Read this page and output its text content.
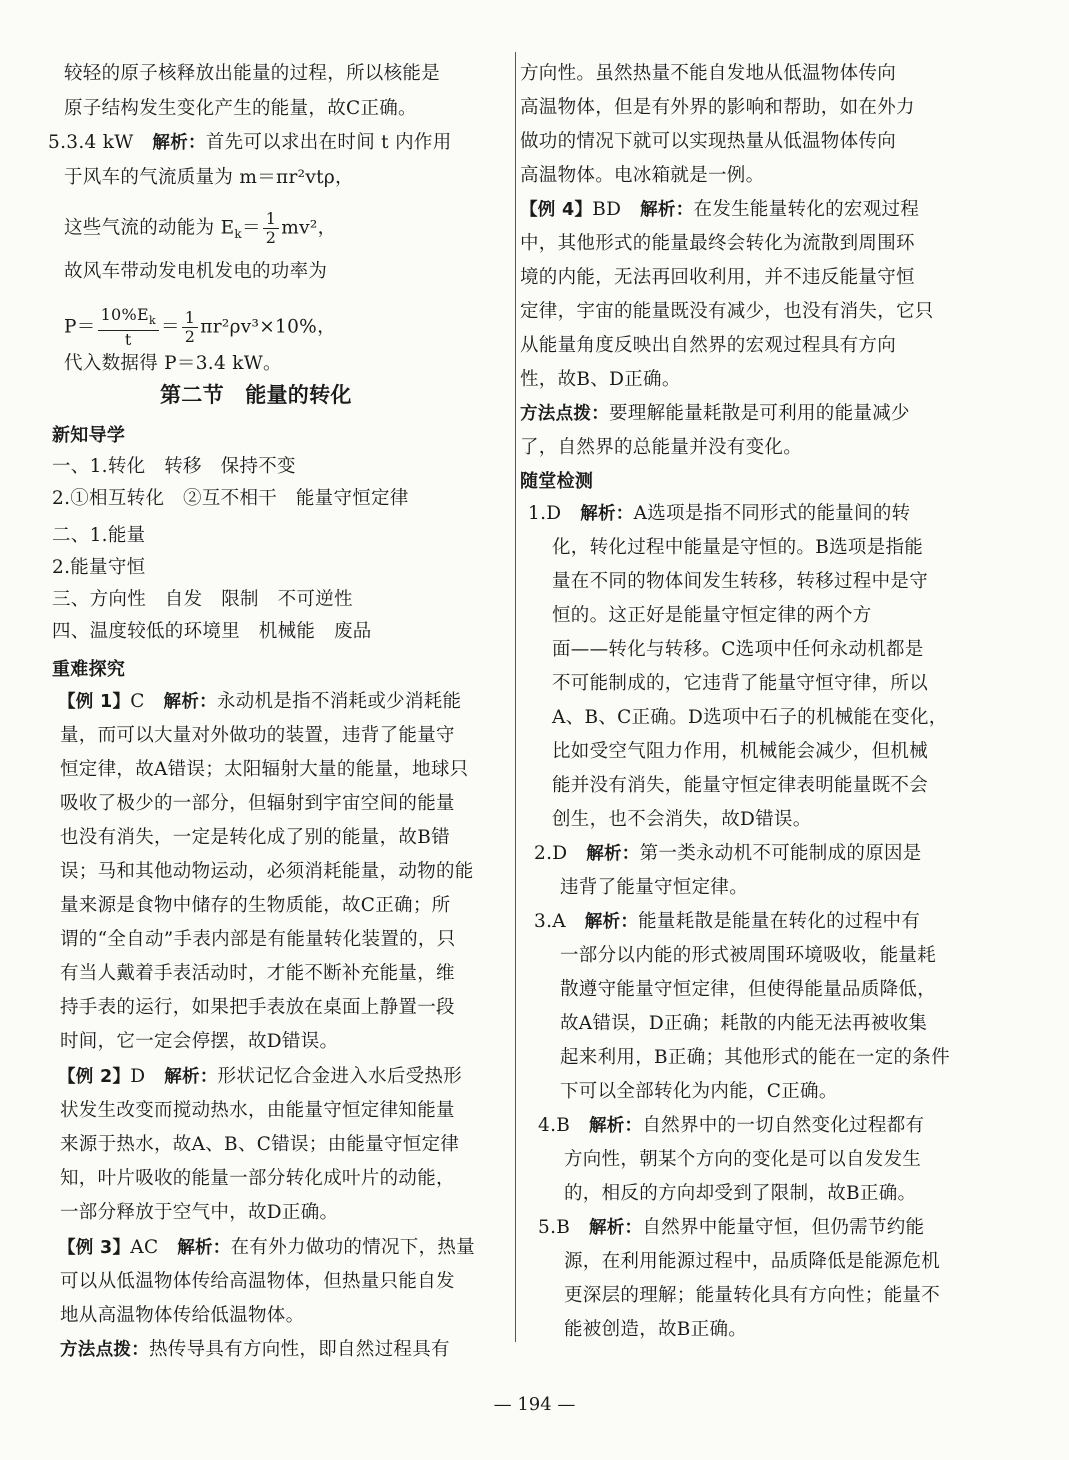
较轻的原子核释放出能量的过程，所以核能是
原子结构发生变化产生的能量，故C正确。
5.3.4 kW　 解析：首先可以求出在时间 t 内作用
于风车的气流质量为 m＝πr²vtρ，
这些气流的动能为 $E_k= \frac{1}{2} mv^2$，
故风车带动发电机发电的功率为
$P= \frac{10\%E_k}{t} = \frac{1}{2} \pi r^2\rho v^3\times 10\%$，
代入数据得 P＝3.4 kW。
第二节　能量的转化
新知导学
一、1.转化　转移　保持不变
2.①相互转化　②互不相干　能量守恒定律
二、1.能量
2.能量守恒
三、方向性　自发　限制　不可逆性
四、温度较低的环境里　机械能　废品
重难探究
【例 1】C　解析：永动机是指不消耗或少消耗能
量，而可以大量对外做功的装置，违背了能量守
恒定律，故A错误；太阳辐射大量的能量，地球只
吸收了极少的一部分，但辐射到宇宙空间的能量
也没有消失，一定是转化成了别的能量，故B错
误；马和其他动物运动，必须消耗能量，动物的能
量来源是食物中储存的生物质能，故C正确；所
谓的“全自动”手表内部是有能量转化装置的，只
有当人戴着手表活动时，才能不断补充能量，维
持手表的运行，如果把手表放在桌面上静置一段
时间，它一定会停摆，故D错误。
【例 2】D　解析：形状记忆合金进入水后受热形
状发生改变而搅动热水，由能量守恒定律知能量
来源于热水，故A、B、C错误；由能量守恒定律
知，叶片吸收的能量一部分转化成叶片的动能，
一部分释放于空气中，故D正确。
【例 3】AC　解析：在有外力做功的情况下，热量
可以从低温物体传给高温物体，但热量只能自发
地从高温物体传给低温物体。
方法点拨：热传导具有方向性，即自然过程具有
方向性。虽然热量不能自发地从低温物体传向
高温物体，但是有外界的影响和帮助，如在外力
做功的情况下就可以实现热量从低温物体传向
高温物体。电冰箱就是一例。
【例 4】BD　解析：在发生能量转化的宏观过程
中，其他形式的能量最终会转化为流散到周围环
境的内能，无法再回收利用，并不违反能量守恒
定律，宇宙的能量既没有减少，也没有消失，它只
从能量角度反映出自然界的宏观过程具有方向
性，故B、D正确。
方法点拨：要理解能量耗散是可利用的能量减少
了，自然界的总能量并没有变化。
随堂检测
1.D　解析：A选项是指不同形式的能量间的转
化，转化过程中能量是守恒的。B选项是指能
量在不同的物体间发生转移，转移过程中是守
恒的。这正好是能量守恒定律的两个方
面——转化与转移。C选项中任何永动机都是
不可能制成的，它违背了能量守恒守律，所以
A、B、C正确。D选项中石子的机械能在变化，
比如受空气阻力作用，机械能会减少，但机械
能并没有消失，能量守恒定律表明能量既不会
创生，也不会消失，故D错误。
2.D　解析：第一类永动机不可能制成的原因是
违背了能量守恒定律。
3.A　解析：能量耗散是能量在转化的过程中有
一部分以内能的形式被周围环境吸收，能量耗
散遵守能量守恒定律，但使得能量品质降低，
故A错误，D正确；耗散的内能无法再被收集
起来利用，B正确；其他形式的能在一定的条件
下可以全部转化为内能，C正确。
4.B　解析：自然界中的一切自然变化过程都有
方向性，朝某个方向的变化是可以自发发生
的，相反的方向却受到了限制，故B正确。
5.B　解析：自然界中能量守恒，但仍需节约能
源，在利用能源过程中，品质降低是能源危机
更深层的理解；能量转化具有方向性；能量不
能被创造，故B正确。
— 194 —
